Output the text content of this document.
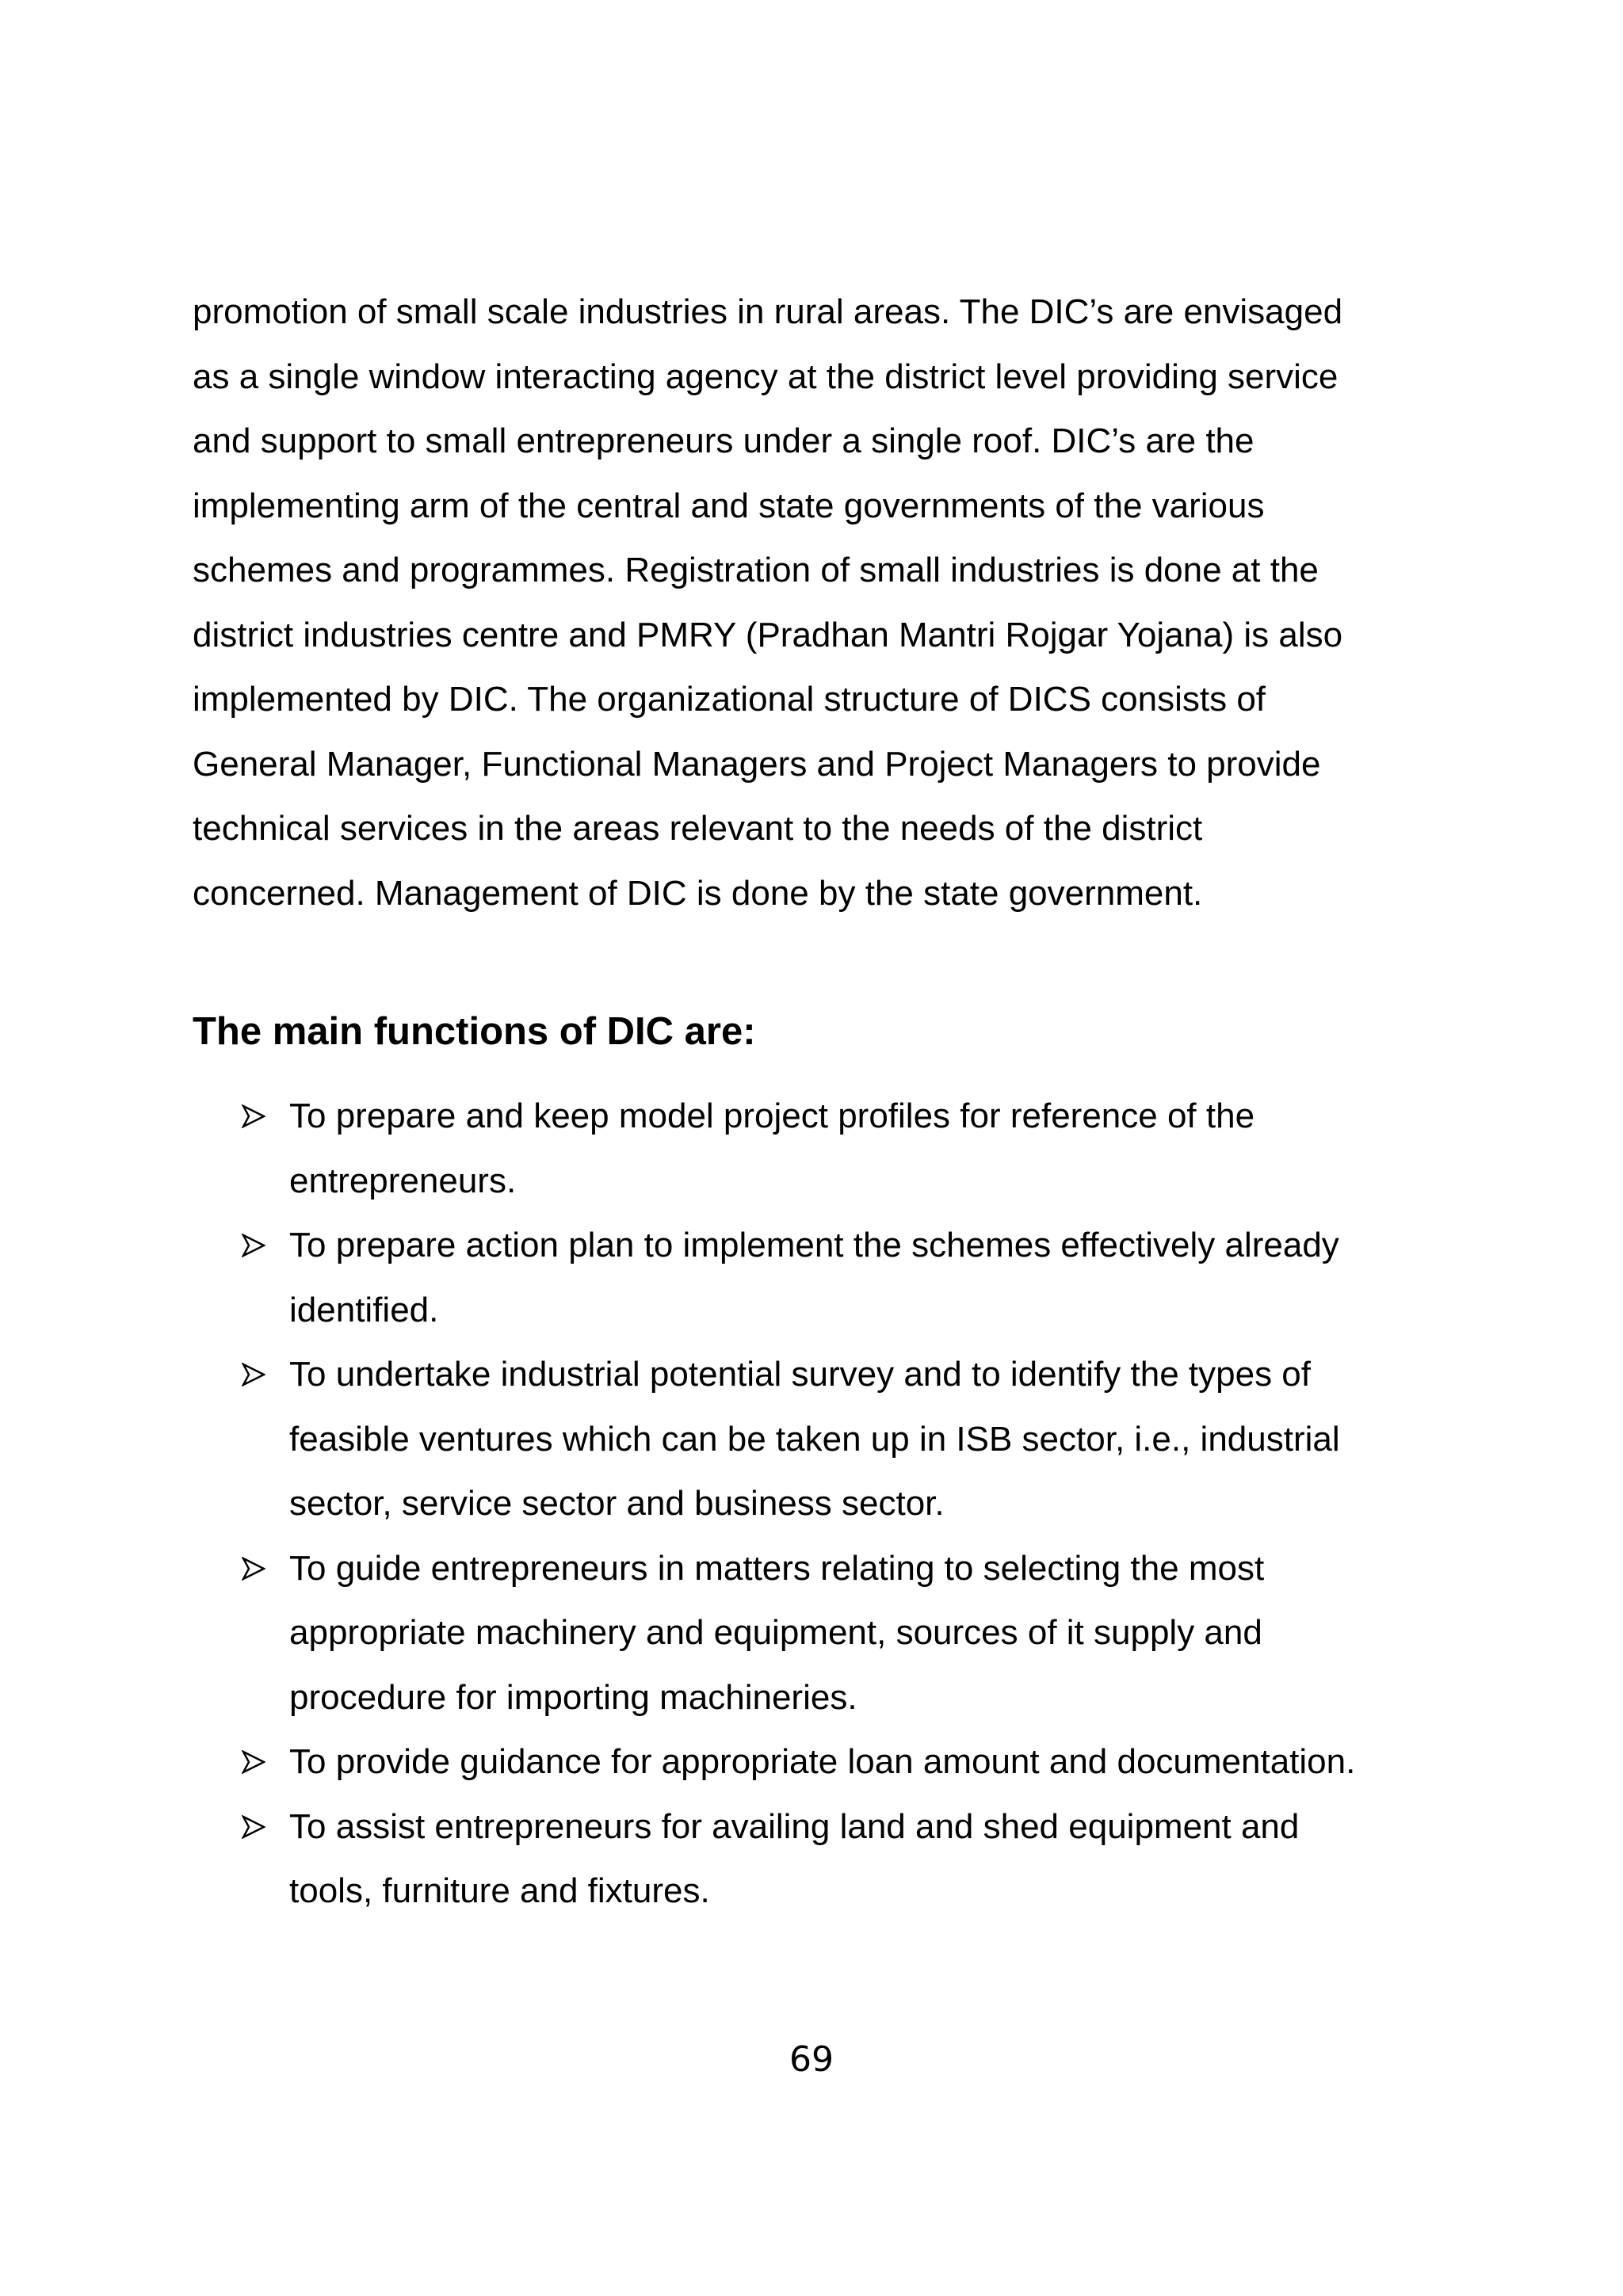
promotion of small scale industries in rural areas. The DIC’s are envisaged
as a single window interacting agency at the district level providing service
and support to small entrepreneurs under a single roof. DIC’s are the
implementing arm of the central and state governments of the various
schemes and programmes. Registration of small industries is done at the
district industries centre and PMRY (Pradhan Mantri Rojgar Yojana) is also
implemented by DIC. The organizational structure of DICS consists of
General Manager, Functional Managers and Project Managers to provide
technical services in the areas relevant to the needs of the district
concerned. Management of DIC is done by the state government.

The main functions of DIC are:
To prepare and keep model project profiles for reference of the
entrepreneurs.
To prepare action plan to implement the schemes effectively already
identified.
To undertake industrial potential survey and to identify the types of
feasible ventures which can be taken up in ISB sector, i.e., industrial
sector, service sector and business sector.
To guide entrepreneurs in matters relating to selecting the most
appropriate machinery and equipment, sources of it supply and
procedure for importing machineries.
To provide guidance for appropriate loan amount and documentation.
To assist entrepreneurs for availing land and shed equipment and
tools, furniture and fixtures.
69
